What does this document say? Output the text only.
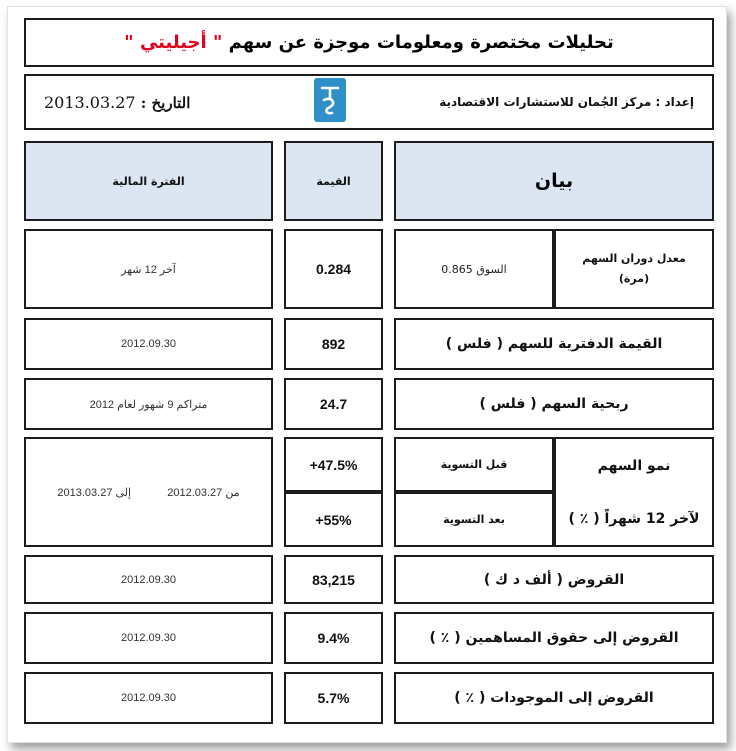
تحليلات مختصرة ومعلومات موجزة عن سهم " أجيليتي "
إعداد : مركز الجُمان للاستشارات الاقتصادية
التاريخ : 2013.03.27
بيان
القيمة
الفترة المالية
معدل دوران السهم
(مرة)
السوق 0.865
0.284
آخر 12 شهر
القيمة الدفترية للسهم ( فلس )
892
2012.09.30
ربحية السهم ( فلس )
24.7
متراكم 9 شهور لعام 2012
نمو السهم
لآخر 12 شهراً ( ٪ )
قبل التسوية
بعد التسوية
+47.5%
+55%
من 2012.03.27  إلى 2013.03.27
القروض ( ألف د ك )
83,215
2012.09.30
القروض إلى حقوق المساهمين ( ٪ )
9.4%
2012.09.30
القروض إلى الموجودات ( ٪ )
5.7%
2012.09.30
